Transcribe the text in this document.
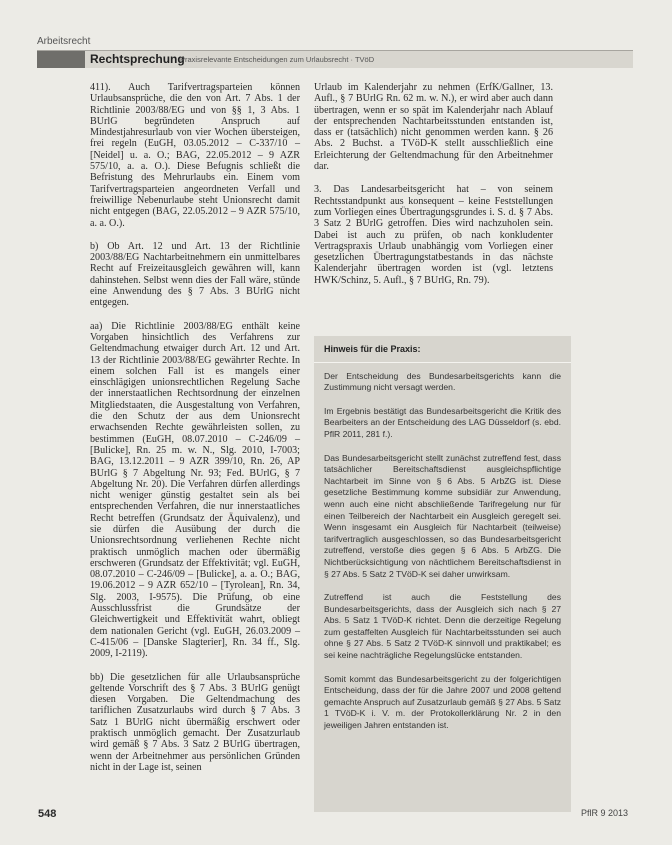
Arbeitsrecht
Rechtsprechung
Praxisrelevante Entscheidungen zum Urlaubsrecht · TVöD

411). Auch Tarifvertragsparteien können Urlaubsansprüche, die den von Art. 7 Abs. 1 der Richtlinie 2003/88/EG und von §§ 1, 3 Abs. 1 BUrlG begründeten Anspruch auf Mindestjahresurlaub von vier Wochen übersteigen, frei regeln (EuGH, 03.05.2012 – C-337/10 – [Neidel] u. a. O.; BAG, 22.05.2012 – 9 AZR 575/10, a. a. O.). Diese Befugnis schließt die Befristung des Mehrurlaubs ein. Einem vom Tarifvertragsparteien angeordneten Verfall und freiwillige Nebenurlaube steht Unionsrecht damit nicht entgegen (BAG, 22.05.2012 – 9 AZR 575/10, a. a. O.).

b) Ob Art. 12 und Art. 13 der Richtlinie 2003/88/EG Nachtarbeitnehmern ein unmittelbares Recht auf Freizeitausgleich gewähren will, kann dahinstehen. Selbst wenn dies der Fall wäre, stünde eine Anwendung des § 7 Abs. 3 BUrlG nicht entgegen.

aa) Die Richtlinie 2003/88/EG enthält keine Vorgaben hinsichtlich des Verfahrens zur Geltendmachung etwaiger durch Art. 12 und Art. 13 der Richtlinie 2003/88/EG gewährter Rechte. In einem solchen Fall ist es mangels einer einschlägigen unionsrechtlichen Regelung Sache der innerstaatlichen Rechtsordnung der einzelnen Mitgliedstaaten, die Ausgestaltung von Verfahren, die den Schutz der aus dem Unionsrecht erwachsenden Rechte gewährleisten sollen, zu bestimmen (EuGH, 08.07.2010 – C-246/09 – [Bulicke], Rn. 25 m. w. N., Slg. 2010, I-7003; BAG, 13.12.2011 – 9 AZR 399/10, Rn. 26, AP BUrlG § 7 Abgeltung Nr. 93; Fed. BUrlG, § 7 Abgeltung Nr. 20). Die Verfahren dürfen allerdings nicht weniger günstig gestaltet sein als bei entsprechenden Verfahren, die nur innerstaatliches Recht betreffen (Grundsatz der Äquivalenz), und sie dürfen die Ausübung der durch die Unionsrechtsordnung verliehenen Rechte nicht praktisch unmöglich machen oder übermäßig erschweren (Grundsatz der Effektivität; vgl. EuGH, 08.07.2010 – C-246/09 – [Bulicke], a. a. O.; BAG, 19.06.2012 – 9 AZR 652/10 – [Tyrolean], Rn. 34, Slg. 2003, I-9575). Die Prüfung, ob eine Ausschlussfrist die Grundsätze der Gleichwertigkeit und Effektivität wahrt, obliegt dem nationalen Gericht (vgl. EuGH, 26.03.2009 – C-415/06 – [Danske Slagterier], Rn. 34 ff., Slg. 2009, I-2119).

bb) Die gesetzlichen für alle Urlaubsansprüche geltende Vorschrift des § 7 Abs. 3 BUrlG genügt diesen Vorgaben. Die Geltendmachung des tariflichen Zusatzurlaubs wird durch § 7 Abs. 3 Satz 1 BUrlG nicht übermäßig erschwert oder praktisch unmöglich gemacht. Der Zusatzurlaub wird gemäß § 7 Abs. 3 Satz 2 BUrlG übertragen, wenn der Arbeitnehmer aus persönlichen Gründen nicht in der Lage ist, seinen

Urlaub im Kalenderjahr zu nehmen (ErfK/Gallner, 13. Aufl., § 7 BUrlG Rn. 62 m. w. N.), er wird aber auch dann übertragen, wenn er so spät im Kalenderjahr nach Ablauf der entsprechenden Nachtarbeitsstunden entstanden ist, dass er (tatsächlich) nicht genommen werden kann. § 26 Abs. 2 Buchst. a TVöD-K stellt ausschließlich eine Erleichterung der Geltendmachung für den Arbeitnehmer dar.

3. Das Landesarbeitsgericht hat – von seinem Rechtsstandpunkt aus konsequent – keine Feststellungen zum Vorliegen eines Übertragungsgrundes i. S. d. § 7 Abs. 3 Satz 2 BUrlG getroffen. Dies wird nachzuholen sein. Dabei ist auch zu prüfen, ob nach konkludenter Vertragspraxis Urlaub unabhängig vom Vorliegen einer gesetzlichen Übertragungstatbestands in das nächste Kalenderjahr übertragen worden ist (vgl. letztens HWK/Schinz, 5. Aufl., § 7 BUrlG, Rn. 79).

Hinweis für die Praxis:

Der Entscheidung des Bundesarbeitsgerichts kann die Zustimmung nicht versagt werden.

Im Ergebnis bestätigt das Bundesarbeitsgericht die Kritik des Bearbeiters an der Entscheidung des LAG Düsseldorf (s. ebd. PflR 2011, 281 f.).

Das Bundesarbeitsgericht stellt zunächst zutreffend fest, dass tatsächlicher Bereitschaftsdienst ausgleichspflichtige Nachtarbeit im Sinne von § 6 Abs. 5 ArbZG ist. Diese gesetzliche Bestimmung komme subsidiär zur Anwendung, wenn auch eine nicht abschließende Tarifregelung nur für einen Teilbereich der Nachtarbeit ein Ausgleich geregelt sei. Wenn insgesamt ein Ausgleich für Nachtarbeit (teilweise) tarifvertraglich ausgeschlossen, so das Bundesarbeitsgericht zutreffend, verstoße dies gegen § 6 Abs. 5 ArbZG. Die Nichtberücksichtigung von nächtlichem Bereitschaftsdienst in § 27 Abs. 5 Satz 2 TVöD-K sei daher unwirksam.

Zutreffend ist auch die Feststellung des Bundesarbeitsgerichts, dass der Ausgleich sich nach § 27 Abs. 5 Satz 1 TVöD-K richtet. Denn die derzeitige Regelung zum gestaffelten Ausgleich für Nachtarbeitsstunden sei auch ohne § 27 Abs. 5 Satz 2 TVöD-K sinnvoll und praktikabel; es sei keine nachträgliche Regelungslücke entstanden.

Somit kommt das Bundesarbeitsgericht zu der folgerichtigen Entscheidung, dass der für die Jahre 2007 und 2008 geltend gemachte Anspruch auf Zusatzurlaub gemäß § 27 Abs. 5 Satz 1 TVöD-K i. V. m. der Protokollerklärung Nr. 2 in den jeweiligen Jahren entstanden ist.

548	PflR 9 2013
